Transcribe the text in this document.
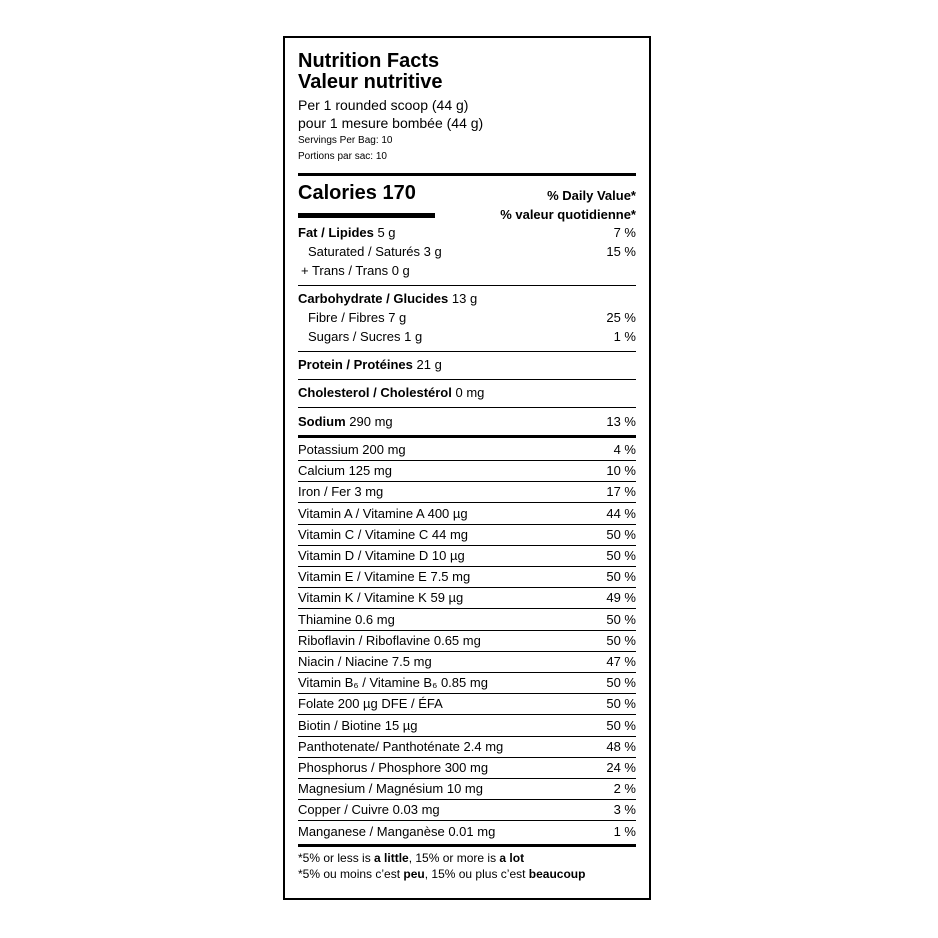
Nutrition Facts
Valeur nutritive
Per 1 rounded scoop (44 g)
pour 1 mesure bombée (44 g)
Servings Per Bag: 10
Portions par sac: 10
Calories 170	% Daily Value*
% valeur quotidienne*
Fat / Lipides 5 g	7 %
Saturated / Saturés 3 g	15 %
+ Trans / Trans 0 g
Carbohydrate / Glucides 13 g
Fibre / Fibres 7 g	25 %
Sugars / Sucres 1 g	1 %
Protein / Protéines 21 g
Cholesterol / Cholestérol 0 mg
Sodium 290 mg	13 %
Potassium 200 mg	4 %
Calcium 125 mg	10 %
Iron / Fer 3 mg	17 %
Vitamin A / Vitamine A 400 µg	44 %
Vitamin C / Vitamine C 44 mg	50 %
Vitamin D / Vitamine D 10 µg	50 %
Vitamin E / Vitamine E 7.5 mg	50 %
Vitamin K / Vitamine K 59 µg	49 %
Thiamine 0.6 mg	50 %
Riboflavin / Riboflavine 0.65 mg	50 %
Niacin / Niacine 7.5 mg	47 %
Vitamin B₆ / Vitamine B₆ 0.85 mg	50 %
Folate 200 µg DFE / ÉFA	50 %
Biotin / Biotine 15 µg	50 %
Panthotenate/ Panthoténate 2.4 mg	48 %
Phosphorus / Phosphore 300 mg	24 %
Magnesium / Magnésium 10 mg	2 %
Copper / Cuivre 0.03 mg	3 %
Manganese / Manganèse 0.01 mg	1 %
*5% or less is a little, 15% or more is a lot
*5% ou moins c’est peu, 15% ou plus c’est beaucoup
